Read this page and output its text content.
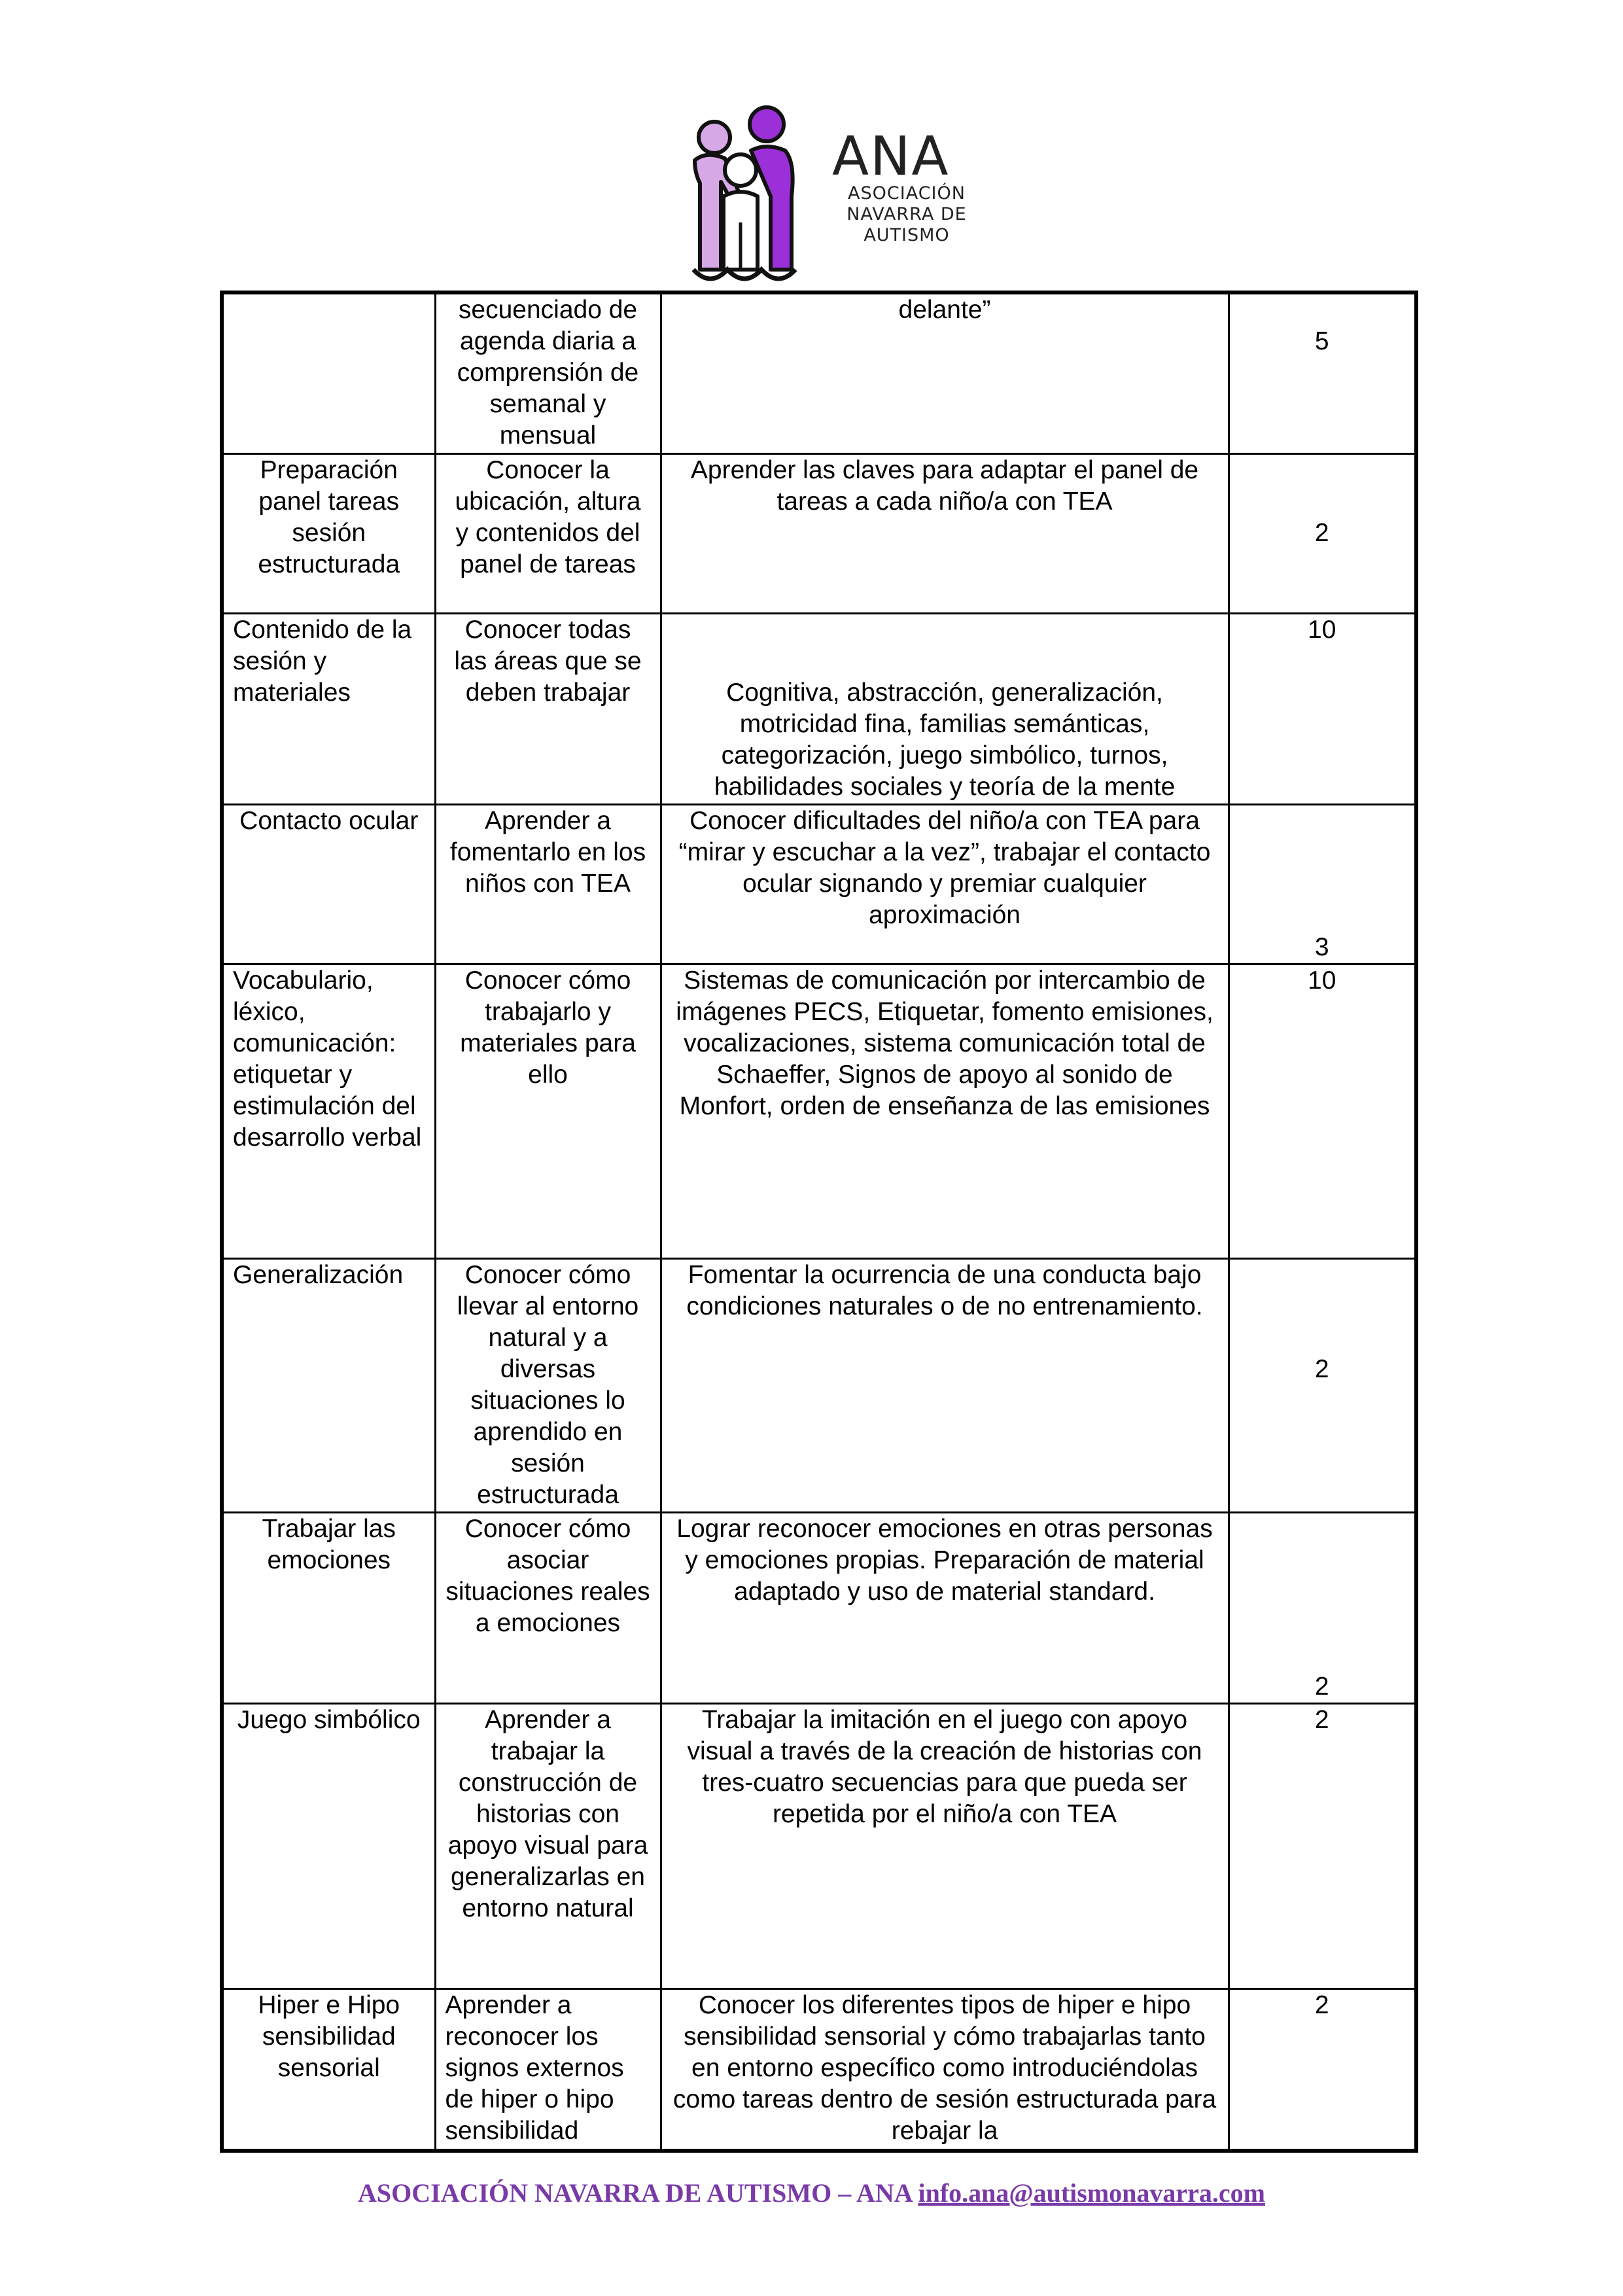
ANA
ASOCIACIÓN
NAVARRA DE
AUTISMO
	secuenciado de agenda diaria a comprensión de semanal y mensual	delante”	5
Preparación panel tareas sesión estructurada	Conocer la ubicación, altura y contenidos del panel de tareas	Aprender las claves para adaptar el panel de tareas a cada niño/a con TEA	2
Contenido de la sesión y materiales	Conocer todas las áreas que se deben trabajar	Cognitiva, abstracción, generalización, motricidad fina, familias semánticas, categorización, juego simbólico, turnos, habilidades sociales y teoría de la mente	10
Contacto ocular	Aprender a fomentarlo en los niños con TEA	Conocer dificultades del niño/a con TEA para “mirar y escuchar a la vez”, trabajar el contacto ocular signando y premiar cualquier aproximación	3
Vocabulario, léxico, comunicación: etiquetar y estimulación del desarrollo verbal	Conocer cómo trabajarlo y materiales para ello	Sistemas de comunicación por intercambio de imágenes PECS, Etiquetar, fomento emisiones, vocalizaciones, sistema comunicación total de Schaeffer, Signos de apoyo al sonido de Monfort, orden de enseñanza de las emisiones	10
Generalización	Conocer cómo llevar al entorno natural y a diversas situaciones lo aprendido en sesión estructurada	Fomentar la ocurrencia de una conducta bajo condiciones naturales o de no entrenamiento.	2
Trabajar las emociones	Conocer cómo asociar situaciones reales a emociones	Lograr reconocer emociones en otras personas y emociones propias. Preparación de material adaptado y uso de material standard.	2
Juego simbólico	Aprender a trabajar la construcción de historias con apoyo visual para generalizarlas en entorno natural	Trabajar la imitación en el juego con apoyo visual a través de la creación de historias con tres-cuatro secuencias para que pueda ser repetida por el niño/a con TEA	2
Hiper e Hipo sensibilidad sensorial	Aprender a reconocer los signos externos de hiper o hipo sensibilidad	Conocer los diferentes tipos de hiper e hipo sensibilidad sensorial y cómo trabajarlas tanto en entorno específico como introduciéndolas como tareas dentro de sesión estructurada para rebajar la	2
ASOCIACIÓN NAVARRA DE AUTISMO – ANA info.ana@autismonavarra.com
